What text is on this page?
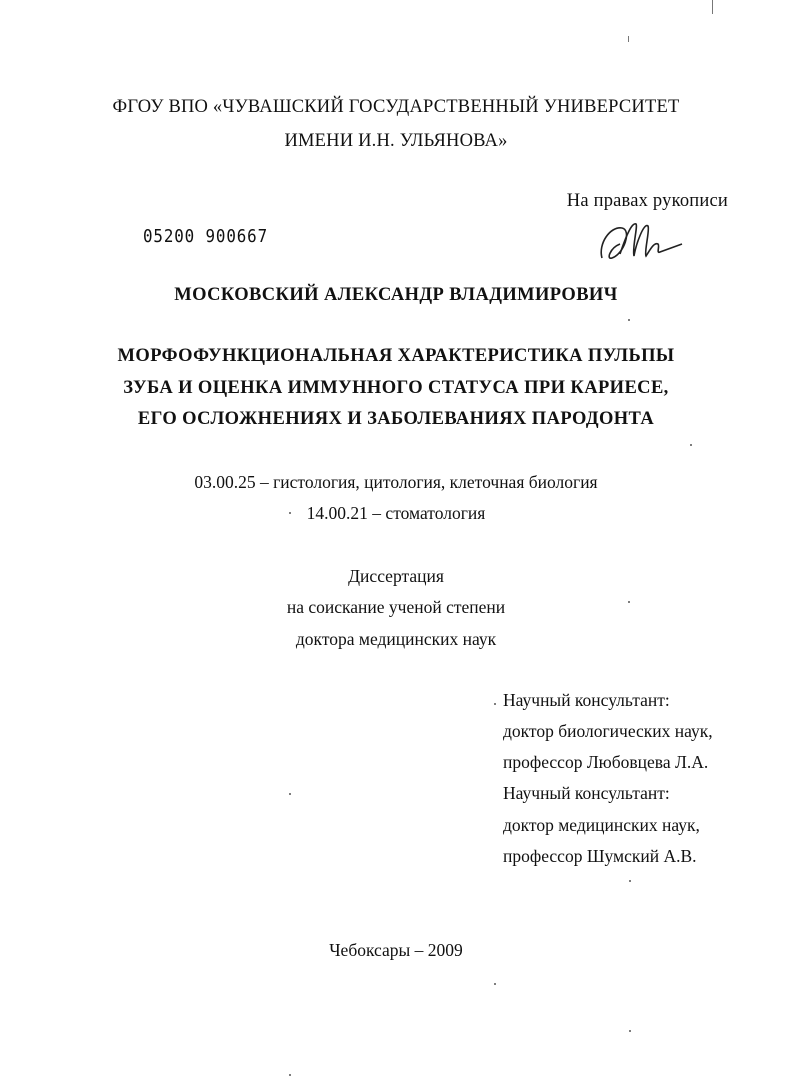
ФГОУ ВПО «ЧУВАШСКИЙ ГОСУДАРСТВЕННЫЙ УНИВЕРСИТЕТ
ИМЕНИ И.Н. УЛЬЯНОВА»
На правах рукописи
05200 900667
МОСКОВСКИЙ АЛЕКСАНДР ВЛАДИМИРОВИЧ
МОРФОФУНКЦИОНАЛЬНАЯ ХАРАКТЕРИСТИКА ПУЛЬПЫ
ЗУБА И ОЦЕНКА ИММУННОГО СТАТУСА ПРИ КАРИЕСЕ,
ЕГО ОСЛОЖНЕНИЯХ И ЗАБОЛЕВАНИЯХ ПАРОДОНТА
03.00.25 – гистология, цитология, клеточная биология
14.00.21 – стоматология
Диссертация
на соискание ученой степени
доктора медицинских наук
Научный консультант:
доктор биологических наук,
профессор Любовцева Л.А.
Научный консультант:
доктор медицинских наук,
профессор Шумский А.В.
Чебоксары – 2009
